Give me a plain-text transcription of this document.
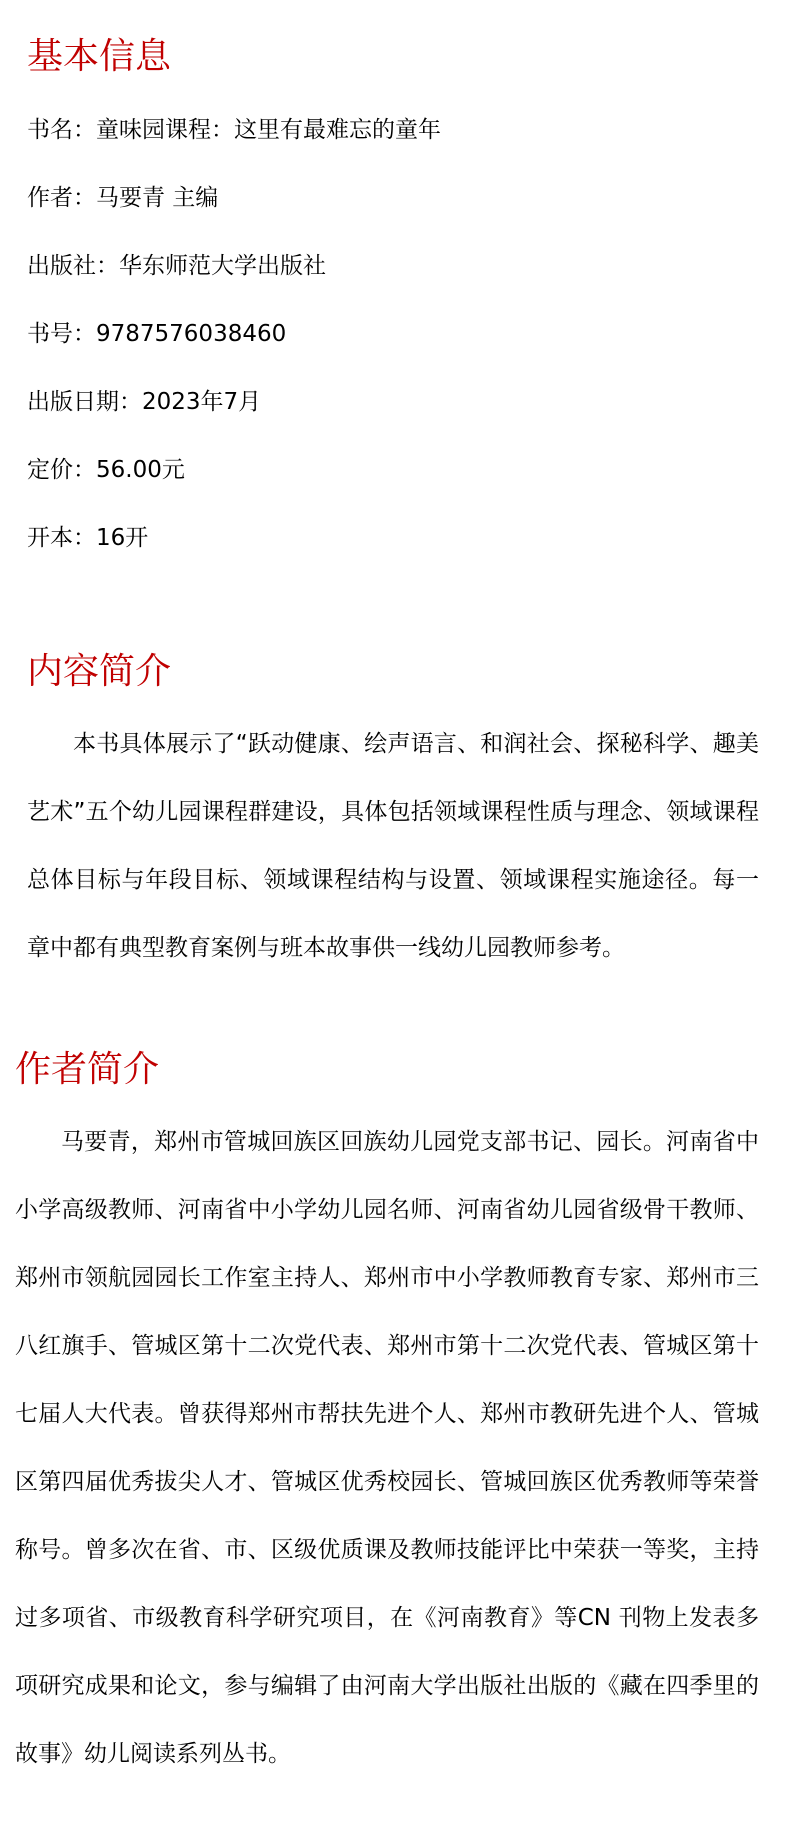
基本信息

书名：童味园课程：这里有最难忘的童年

作者：马要青 主编

出版社：华东师范大学出版社

书号：9787576038460

出版日期：2023年7月

定价：56.00元

开本：16开

内容简介

本书具体展示了“跃动健康、绘声语言、和润社会、探秘科学、趣美艺术”五个幼儿园课程群建设，具体包括领域课程性质与理念、领域课程总体目标与年段目标、领域课程结构与设置、领域课程实施途径。每一章中都有典型教育案例与班本故事供一线幼儿园教师参考。

作者简介

马要青，郑州市管城回族区回族幼儿园党支部书记、园长。河南省中小学高级教师、河南省中小学幼儿园名师、河南省幼儿园省级骨干教师、郑州市领航园园长工作室主持人、郑州市中小学教师教育专家、郑州市三八红旗手、管城区第十二次党代表、郑州市第十二次党代表、管城区第十七届人大代表。曾获得郑州市帮扶先进个人、郑州市教研先进个人、管城区第四届优秀拔尖人才、管城区优秀校园长、管城回族区优秀教师等荣誉称号。曾多次在省、市、区级优质课及教师技能评比中荣获一等奖，主持过多项省、市级教育科学研究项目，在《河南教育》等CN 刊物上发表多项研究成果和论文，参与编辑了由河南大学出版社出版的《藏在四季里的故事》幼儿阅读系列丛书。
